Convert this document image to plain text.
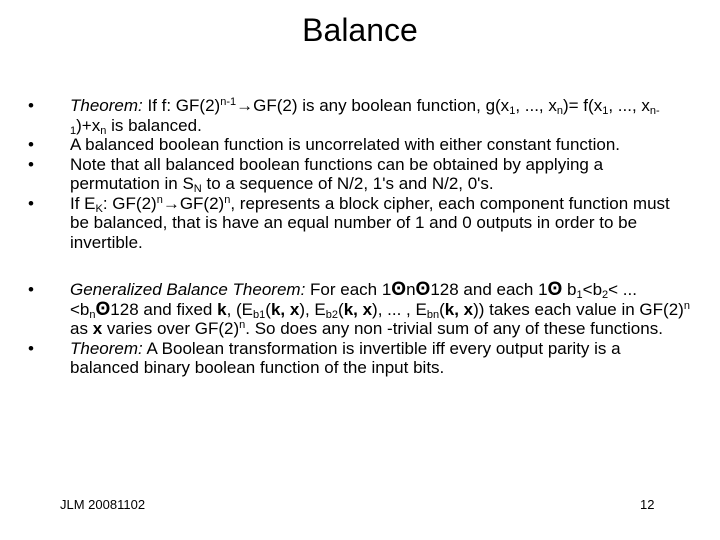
Balance
•	Theorem: If f: $GF(2)^{n-1}\to GF(2)$ is any boolean function, $g(x_1$, ..., $x_n)= f(x_1$, ..., $x_{n-1})+x_n$ is balanced.
•	A balanced boolean function is uncorrelated with either constant function.
•	Note that all balanced boolean functions can be obtained by applying a permutation in $S_N$ to a sequence of N/2, 1's and N/2, 0's.
•	If $E_K$: $GF(2)^n\to GF(2)^n$, represents a block cipher, each component function must be balanced, that is have an equal number of 1 and 0 outputs in order to be invertible.
•	Generalized Balance Theorem: For each 1ʘnʘ128 and each 1ʘ $b_1<b_2<$ ... $<b_nʘ128$ and fixed k, ($E_{b1}(k$, x), $E_{b2}(k$, x), ... , $E_{bn}(k$, x)) takes each value in $GF(2)^n$ as x varies over $GF(2)^n$. So does any non -trivial sum of any of these functions.
•	Theorem: A Boolean transformation is invertible iff every output parity is a balanced binary boolean function of the input bits.
JLM 20081102	12
